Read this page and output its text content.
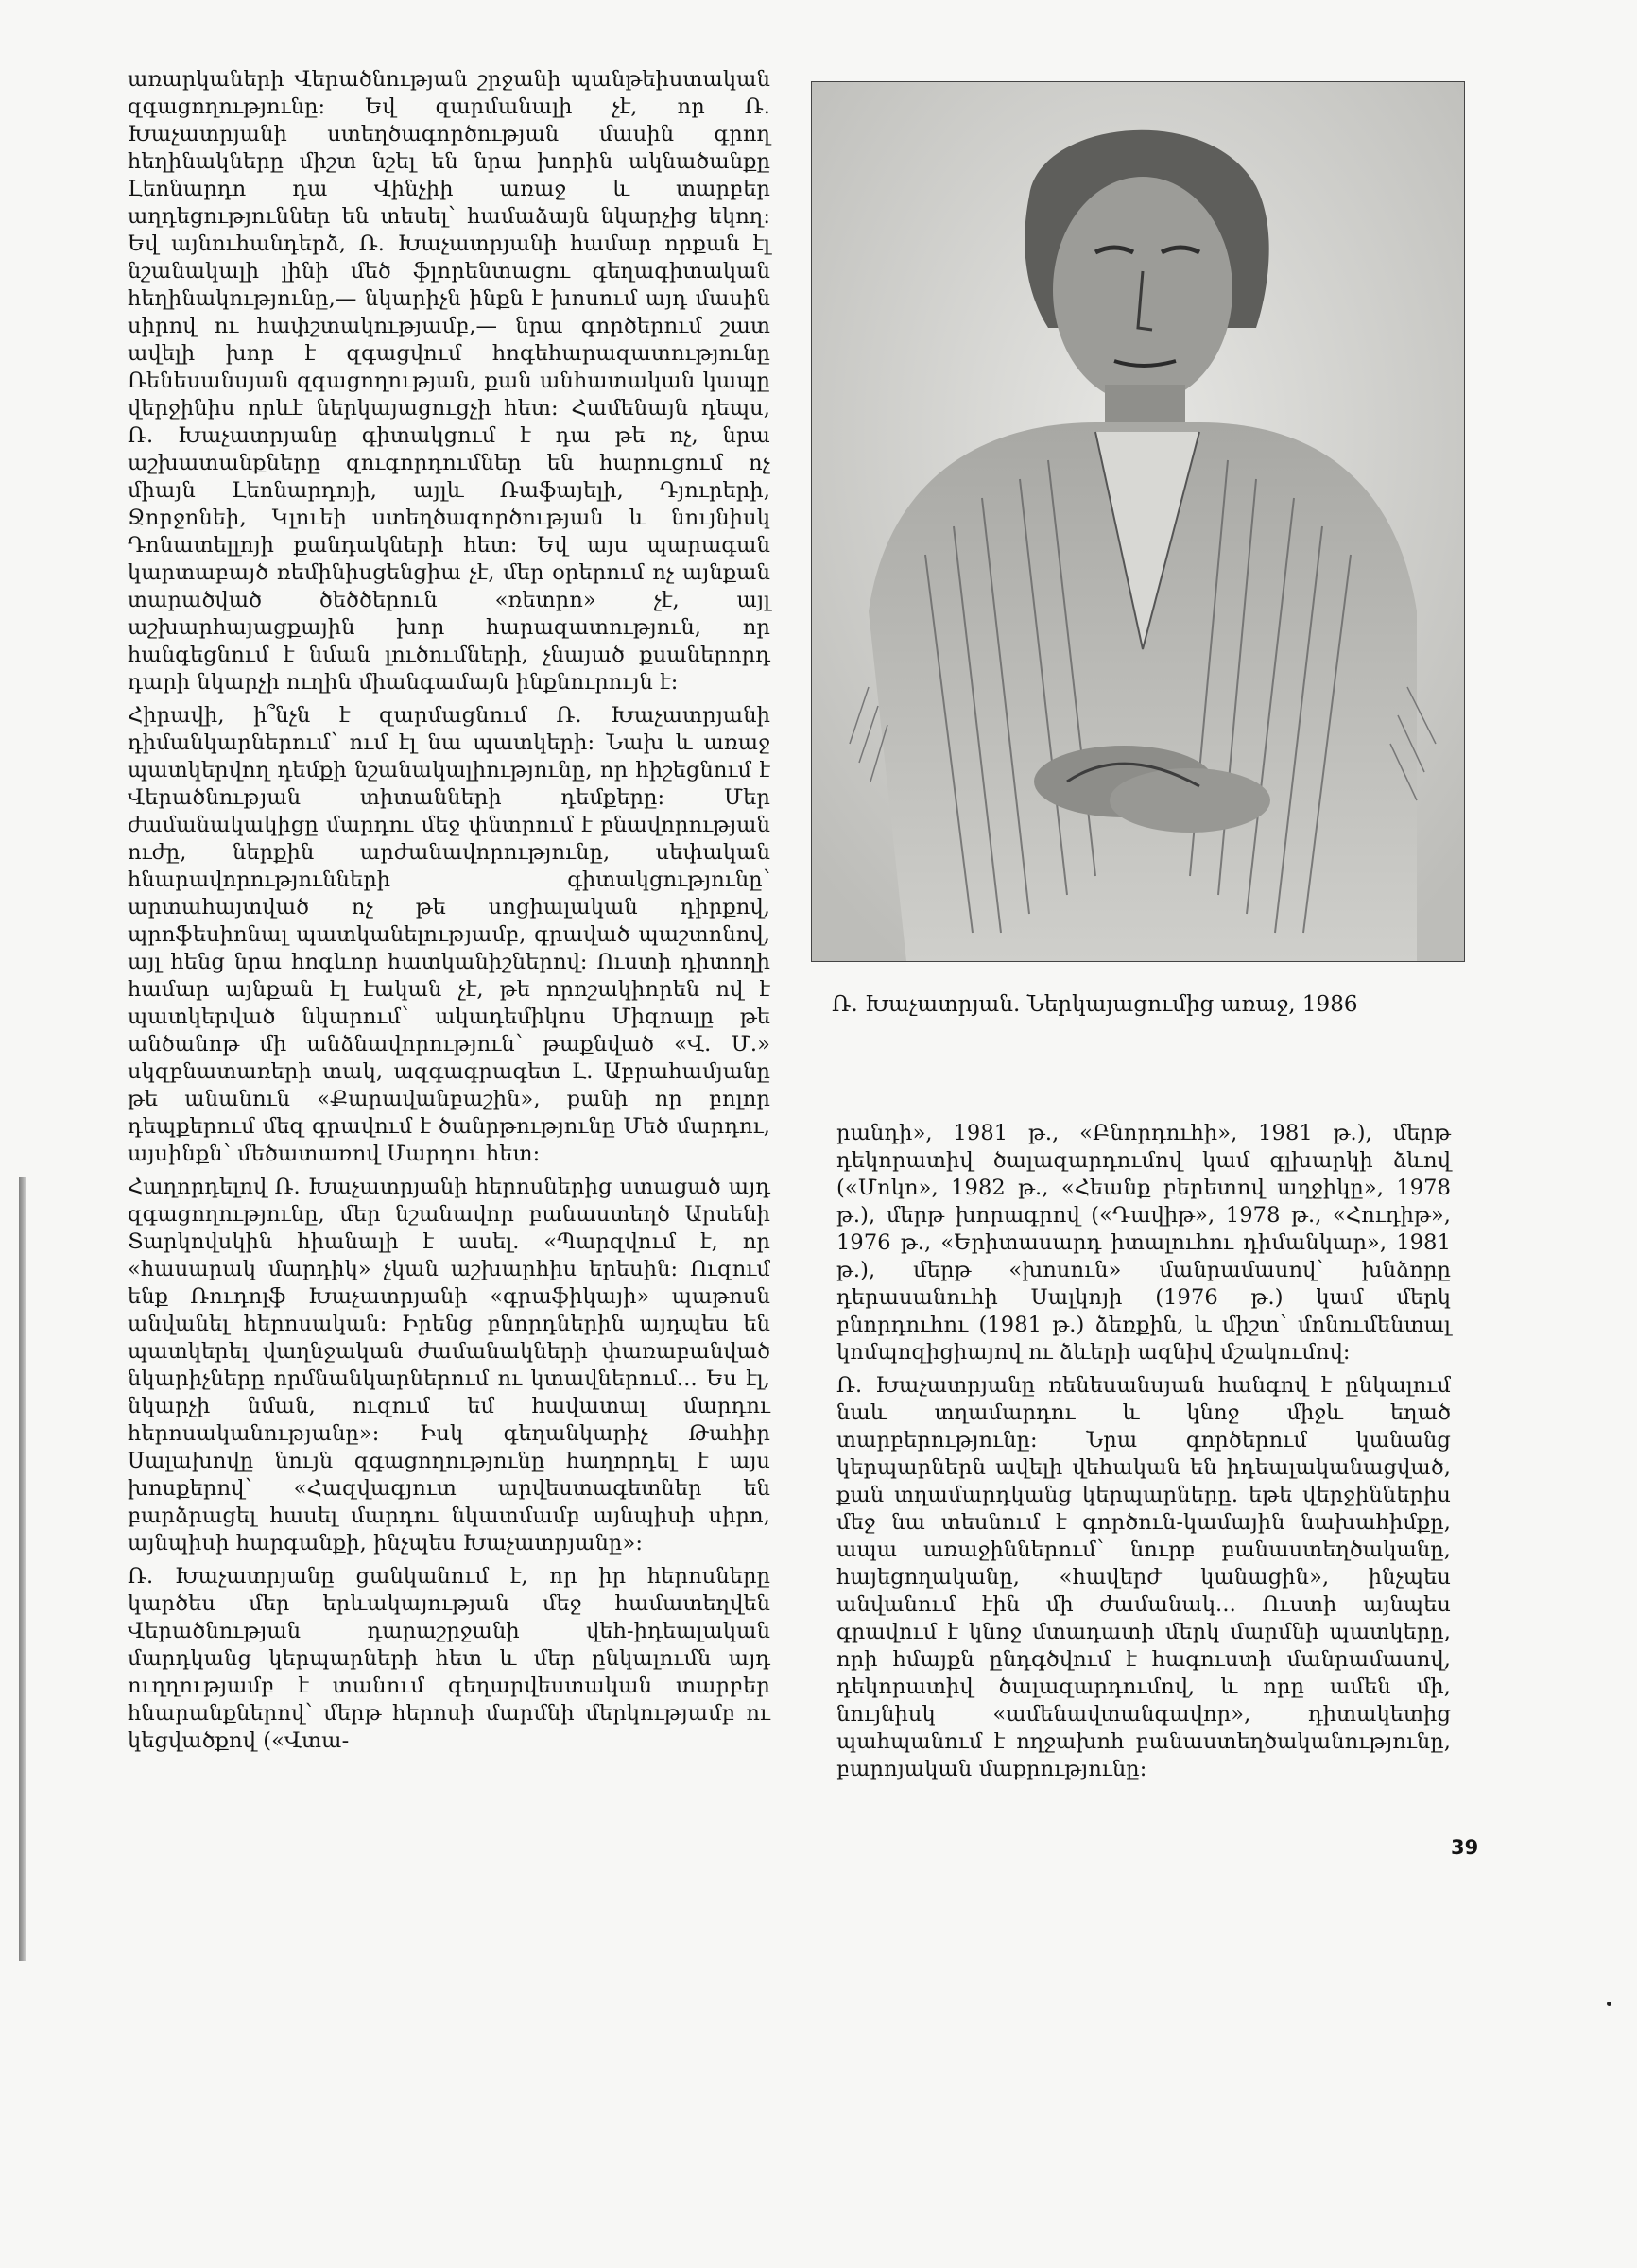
առարկաների Վերածնության շրջանի պանթեիստական զգացողությունը: Եվ զարմանալի չէ, որ Ռ. Խաչատրյանի ստեղծագործության մասին գրող հեղինակները միշտ նշել են նրա խորին ակնածանքը Լեոնարդո դա Վինչիի առաջ և տարբեր աղդեցություններ են տեսել՝ համաձայն նկարչից եկող: Եվ այնուհանդերձ, Ռ. Խաչատրյանի համար որքան էլ նշանակալի լինի մեծ ֆլորենտացու գեղագիտական հեղինակությունը,— նկարիչն ինքն է խոսում այդ մասին սիրով ու հափշտակությամբ,— նրա գործերում շատ ավելի խոր է զգացվում հոգեհարազատությունը Ռենեսանսյան զգացողության, քան անհատական կապը վերջինիս որևէ ներկայացուցչի հետ: Համենայն դեպս, Ռ. Խաչատրյանը գիտակցում է դա թե ոչ, նրա աշխատանքները զուգորդումներ են հարուցում ոչ միայն Լեոնարդոյի, այլև Ռաֆայելի, Դյուրերի, Ջորջոնեի, Կլուեի ստեղծագործության և նույնիսկ Դոնատելլոյի քանդակների հետ: Եվ այս պարագան կարտաբայծ ռեմինիսցենցիա չէ, մեր օրերում ոչ այնքան տարածված ծեծծերուն «ռետրո» չէ, այլ աշխարհայացքային խոր հարազատություն, որ հանգեցնում է նման լուծումների, չնայած քսաներորդ դարի նկարչի ուղին միանգամայն ինքնուրույն է:

Հիրավի, ի՞նչն է զարմացնում Ռ. Խաչատրյանի դիմանկարներում՝ ում էլ նա պատկերի: Նախ և առաջ պատկերվող դեմքի նշանակալիությունը, որ հիշեցնում է Վերածնության տիտանների դեմքերը: Մեր ժամանակակիցը մարդու մեջ փնտրում է բնավորության ուժը, ներքին արժանավորությունը, սեփական հնարավորությունների գիտակցությունը՝ արտահայտված ոչ թե սոցիալական դիրքով, պրոֆեսիոնալ պատկանելությամբ, գրաված պաշտոնով, այլ հենց նրա հոգևոր հատկանիշներով: Ուստի դիտողի համար այնքան էլ էական չէ, թե որոշակիորեն ով է պատկերված նկարում՝ ակադեմիկոս Միզոալը թե անծանոթ մի անձնավորություն՝ թաքնված «Վ. Մ.» սկզբնատառերի տակ, ազգագրագետ Լ. Աբրահամյանը թե անանուն «Քարավանբաշին», քանի որ բոլոր դեպքերում մեզ գրավում է ծանրթությունը Մեծ մարդու, այսինքն՝ մեծատառով Մարդու հետ:

Հաղորդելով Ռ. Խաչատրյանի հերոսներից ստացած այդ զգացողությունը, մեր նշանավոր բանաստեղծ Արսենի Տարկովսկին հիանալի է ասել. «Պարզվում է, որ «հասարակ մարդիկ» չկան աշխարհիս երեսին: Ուզում ենք Ռուդոլֆ Խաչատրյանի «գրաֆիկայի» պաթոսն անվանել հերոսական: Իրենց բնորդներին այդպես են պատկերել վաղնջական ժամանակների փառաբանված նկարիչները որմնանկարներում ու կտավներում... Ես էլ, նկարչի նման, ուզում եմ հավատալ մարդու հերոսականությանը»: Իսկ գեղանկարիչ Թահիր Սալախովը նույն զգացողությունը հաղորդել է այս խոսքերով՝ «Հազվագյուտ արվեստագետներ են բարձրացել հասել մարդու նկատմամբ այնպիսի սիրո, այնպիսի հարգանքի, ինչպես Խաչատրյանը»:

Ռ. Խաչատրյանը ցանկանում է, որ իր հերոսները կարծես մեր երևակայության մեջ համատեղվեն Վերածնության դարաշրջանի վեհ-իդեալական մարդկանց կերպարների հետ և մեր ընկալումն այդ ուղղությամբ է տանում գեղարվեստական տարբեր հնարանքներով՝ մերթ հերոսի մարմնի մերկությամբ ու կեցվածքով («Վտա-

Ռ. Խաչատրյան. Ներկայացումից առաջ, 1986

րանդի», 1981 թ., «Բնորդուհի», 1981 թ.), մերթ դեկորատիվ ծալազարդումով կամ գլխարկի ձևով («Մոկո», 1982 թ., «Հեանք բերետով աղջիկը», 1978 թ.), մերթ խորագրով («Դավիթ», 1978 թ., «Հուդիթ», 1976 թ., «Երիտասարդ իտալուհու դիմանկար», 1981 թ.), մերթ «խոսուն» մանրամասով՝ խնձորը դերասանուհի Սալկոյի (1976 թ.) կամ մերկ բնորդուհու (1981 թ.) ձեռքին, և միշտ՝ մոնումենտալ կոմպոզիցիայով ու ձևերի ազնիվ մշակումով:

Ռ. Խաչատրյանը ռենեսանսյան հանգով է ընկալում նաև տղամարդու և կնոջ միջև եղած տարբերությունը: Նրա գործերում կանանց կերպարներն ավելի վեհական են իդեալականացված, քան տղամարդկանց կերպարները. եթե վերջիններիս մեջ նա տեսնում է գործուն-կամային նախահիմքը, ապա առաջիններում՝ նուրբ բանաստեղծականը, հայեցողականը, «հավերժ կանացին», ինչպես անվանում էին մի ժամանակ... Ուստի այնպես գրավում է կնոջ մտադատի մերկ մարմնի պատկերը, որի հմայքն ընդգծվում է հագուստի մանրամասով, դեկորատիվ ծալազարդումով, և որը ամեն մի, նույնիսկ «ամենավտանգավոր», դիտակետից պահպանում է ողջախոհ բանաստեղծականությունը, բարոյական մաքրությունը:

39
